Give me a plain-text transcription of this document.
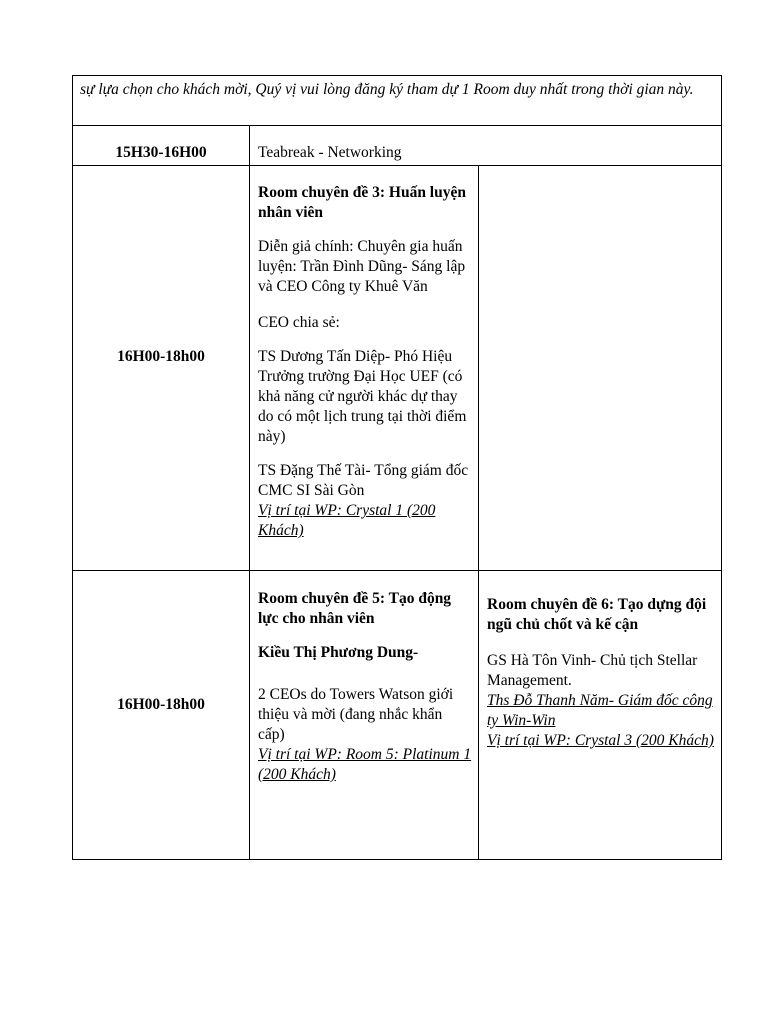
sự lựa chọn cho khách mời, Quý vị vui lòng đăng ký tham dự 1 Room duy nhất trong thời gian này.

15H30-16H00	Teabreak - Networking

16H00-18h00

Room chuyên đề 3: Huấn luyện nhân viên

Diễn giả chính: Chuyên gia huấn luyện: Trần Đình Dũng- Sáng lập và CEO Công ty Khuê Văn

CEO chia sẻ:

TS Dương Tấn Diệp- Phó Hiệu Trưởng trường Đại Học UEF (có khả năng cử người khác dự thay do có một lịch trung tại thời điểm này)

TS Đặng Thế Tài- Tổng giám đốc CMC SI Sài Gòn

Vị trí tại WP: Crystal 1 (200 Khách)

16H00-18h00

Room chuyên đề 5: Tạo động lực cho nhân viên

Kiều Thị Phương Dung-

2 CEOs do Towers Watson giới thiệu và mời (đang nhắc khẩn cấp)

Vị trí tại WP: Room 5: Platinum 1 (200 Khách)

Room chuyên đề 6: Tạo dựng đội ngũ chủ chốt và kế cận

GS Hà Tôn Vinh- Chủ tịch Stellar Management.

Ths Đỗ Thanh Năm- Giám đốc công ty Win-Win

Vị trí tại WP: Crystal 3 (200 Khách)
